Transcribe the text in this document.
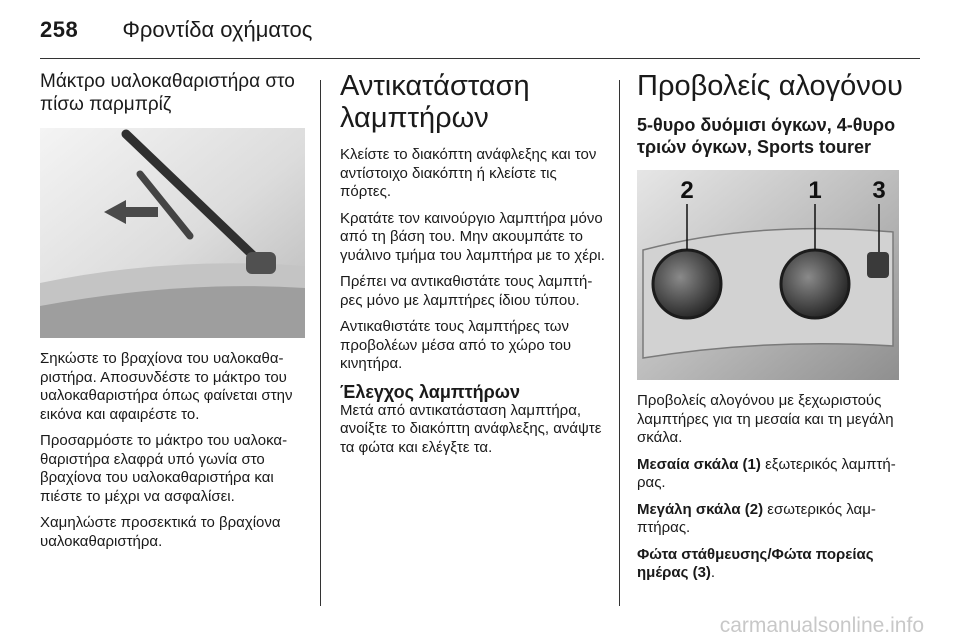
258 Φροντίδα οχήματος
Μάκτρο υαλοκαθαριστήρα στο πίσω παρμπρίζ

Σηκώστε το βραχίονα του υαλοκαθαριστήρα. Αποσυνδέστε το μάκτρο του υαλοκαθαριστήρα όπως φαίνεται στην εικόνα και αφαιρέστε το.

Προσαρμόστε το μάκτρο του υαλοκαθαριστήρα ελαφρά υπό γωνία στο βραχίονα του υαλοκαθαριστήρα και πιέστε το μέχρι να ασφαλίσει.

Χαμηλώστε προσεκτικά το βραχίονα υαλοκαθαριστήρα.

Αντικατάσταση λαμπτήρων

Κλείστε το διακόπτη ανάφλεξης και τον αντίστοιχο διακόπτη ή κλείστε τις πόρτες.

Κρατάτε τον καινούργιο λαμπτήρα μόνο από τη βάση του. Μην ακουμπάτε το γυάλινο τμήμα του λαμπτήρα με το χέρι.

Πρέπει να αντικαθιστάτε τους λαμπτήρες μόνο με λαμπτήρες ίδιου τύπου.

Αντικαθιστάτε τους λαμπτήρες των προβολέων μέσα από το χώρο του κινητήρα.

Έλεγχος λαμπτήρων

Μετά από αντικατάσταση λαμπτήρα, ανοίξτε το διακόπτη ανάφλεξης, ανάψτε τα φώτα και ελέγξτε τα.

Προβολείς αλογόνου
5-θυρο δυόμισι όγκων, 4-θυρο τριών όγκων, Sports tourer
2	1 3

Προβολείς αλογόνου με ξεχωριστούς λαμπτήρες για τη μεσαία και τη μεγάλη σκάλα.

Μεσαία σκάλα (1) εξωτερικός λαμπτήρας.

Μεγάλη σκάλα (2) εσωτερικός λαμπτήρας.

Φώτα στάθμευσης/Φώτα πορείας ημέρας (3).

carmanualsonline.info
